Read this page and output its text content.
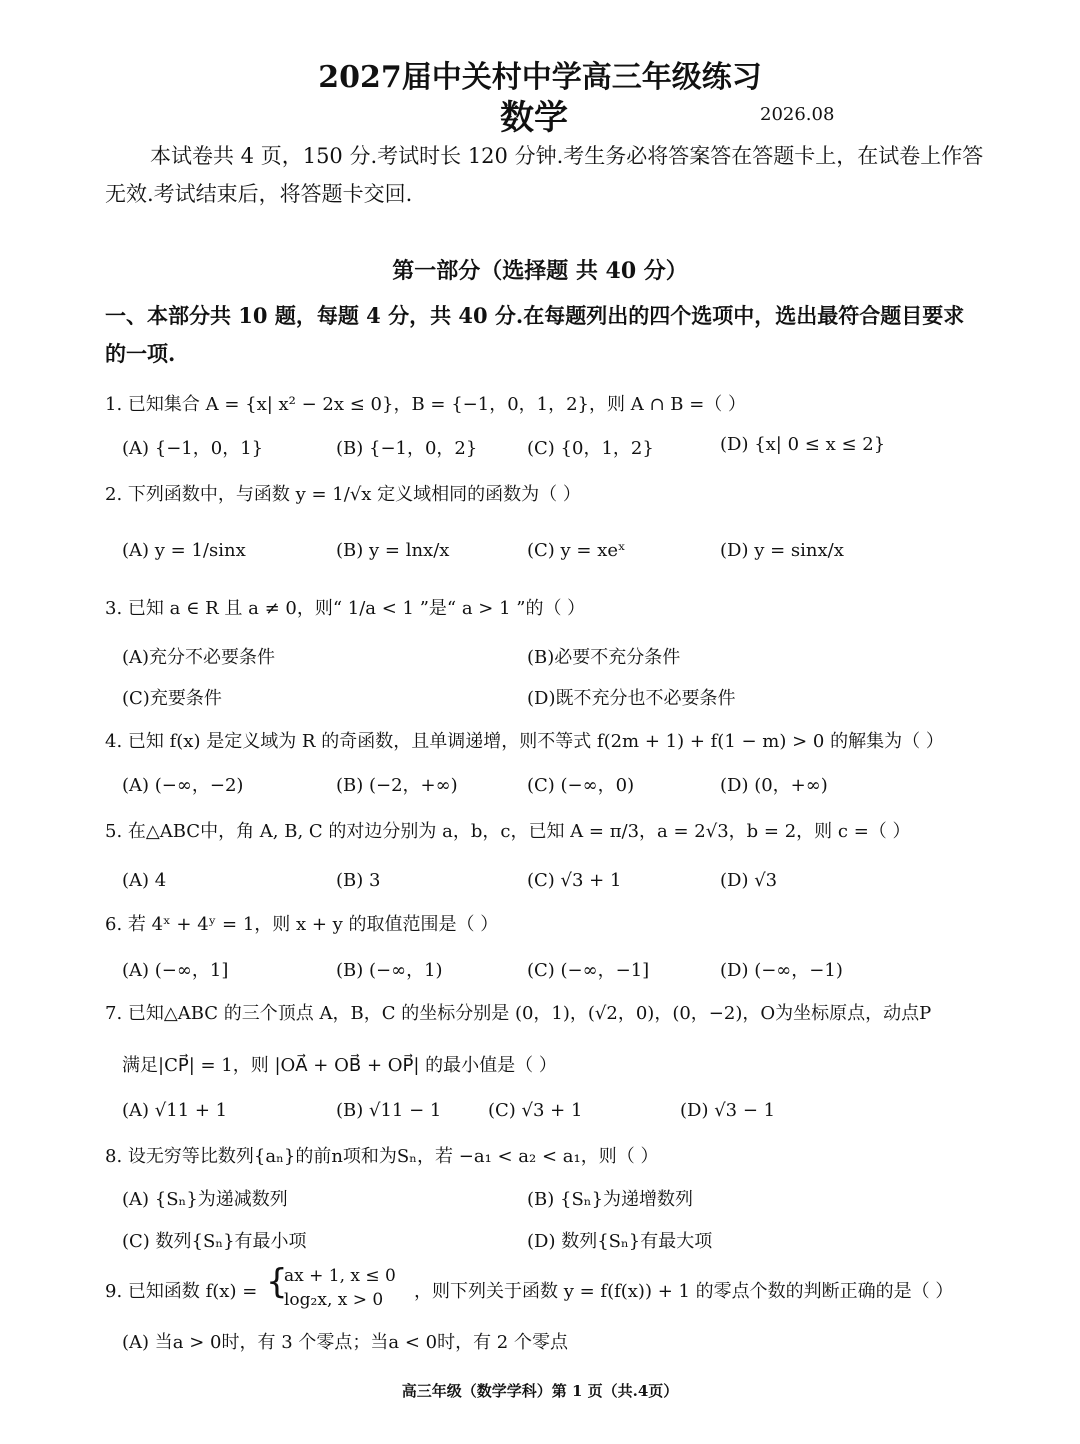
2027届中关村中学高三年级练习
数学	2026.08
本试卷共 4 页，150 分.考试时长 120 分钟.考生务必将答案答在答题卡上，在试卷上作答
无效.考试结束后，将答题卡交回.
第一部分（选择题 共 40 分）
一、本部分共 10 题，每题 4 分，共 40 分.在每题列出的四个选项中，选出最符合题目要求
的一项.
1. 已知集合 A = {x| x² − 2x ≤ 0}，B = {−1，0，1，2}，则 A ∩ B =（ ）
(A) {−1，0，1}	(B) {−1，0，2}	(C) {0，1，2}	(D) {x| 0 ≤ x ≤ 2}
2. 下列函数中，与函数 y = 1/√x 定义域相同的函数为（ ）
(A) y = 1/sinx	(B) y = lnx/x	(C) y = xeˣ	(D) y = sinx/x
3. 已知 a ∈ R 且 a ≠ 0，则“ 1/a < 1 ”是“ a > 1 ”的（ ）
(A)充分不必要条件	(B)必要不充分条件
(C)充要条件	(D)既不充分也不必要条件
4. 已知 f(x) 是定义域为 R 的奇函数，且单调递增，则不等式 f(2m + 1) + f(1 − m) > 0 的解集为（ ）
(A) (−∞，−2)	(B) (−2，+∞)	(C) (−∞，0)	(D) (0，+∞)
5. 在△ABC中，角 A, B, C 的对边分别为 a，b，c，已知 A = π/3，a = 2√3，b = 2，则 c =（ ）
(A) 4	(B) 3	(C) √3 + 1	(D) √3
6. 若 4ˣ + 4ʸ = 1，则 x + y 的取值范围是（ ）
(A) (−∞，1]	(B) (−∞，1)	(C) (−∞，−1]	(D) (−∞，−1)
7. 已知△ABC 的三个顶点 A，B，C 的坐标分别是 (0，1)，(√2，0)，(0，−2)，O为坐标原点，动点P
满足|CP⃗| = 1，则 |OA⃗ + OB⃗ + OP⃗| 的最小值是（ ）
(A) √11 + 1	(B) √11 − 1	(C) √3 + 1	(D) √3 − 1
8. 设无穷等比数列{aₙ}的前n项和为Sₙ，若 −a₁ < a₂ < a₁，则（ ）
(A) {Sₙ}为递减数列	(B) {Sₙ}为递增数列
(C) 数列{Sₙ}有最小项	(D) 数列{Sₙ}有最大项
9. 已知函数 f(x) = {
ax + 1, x ≤ 0
log₂x, x > 0 ，则下列关于函数 y = f(f(x)) + 1 的零点个数的判断正确的是（ ）
(A) 当a > 0时，有 3 个零点；当a < 0时，有 2 个零点
高三年级（数学学科）第 1 页（共.4页）
